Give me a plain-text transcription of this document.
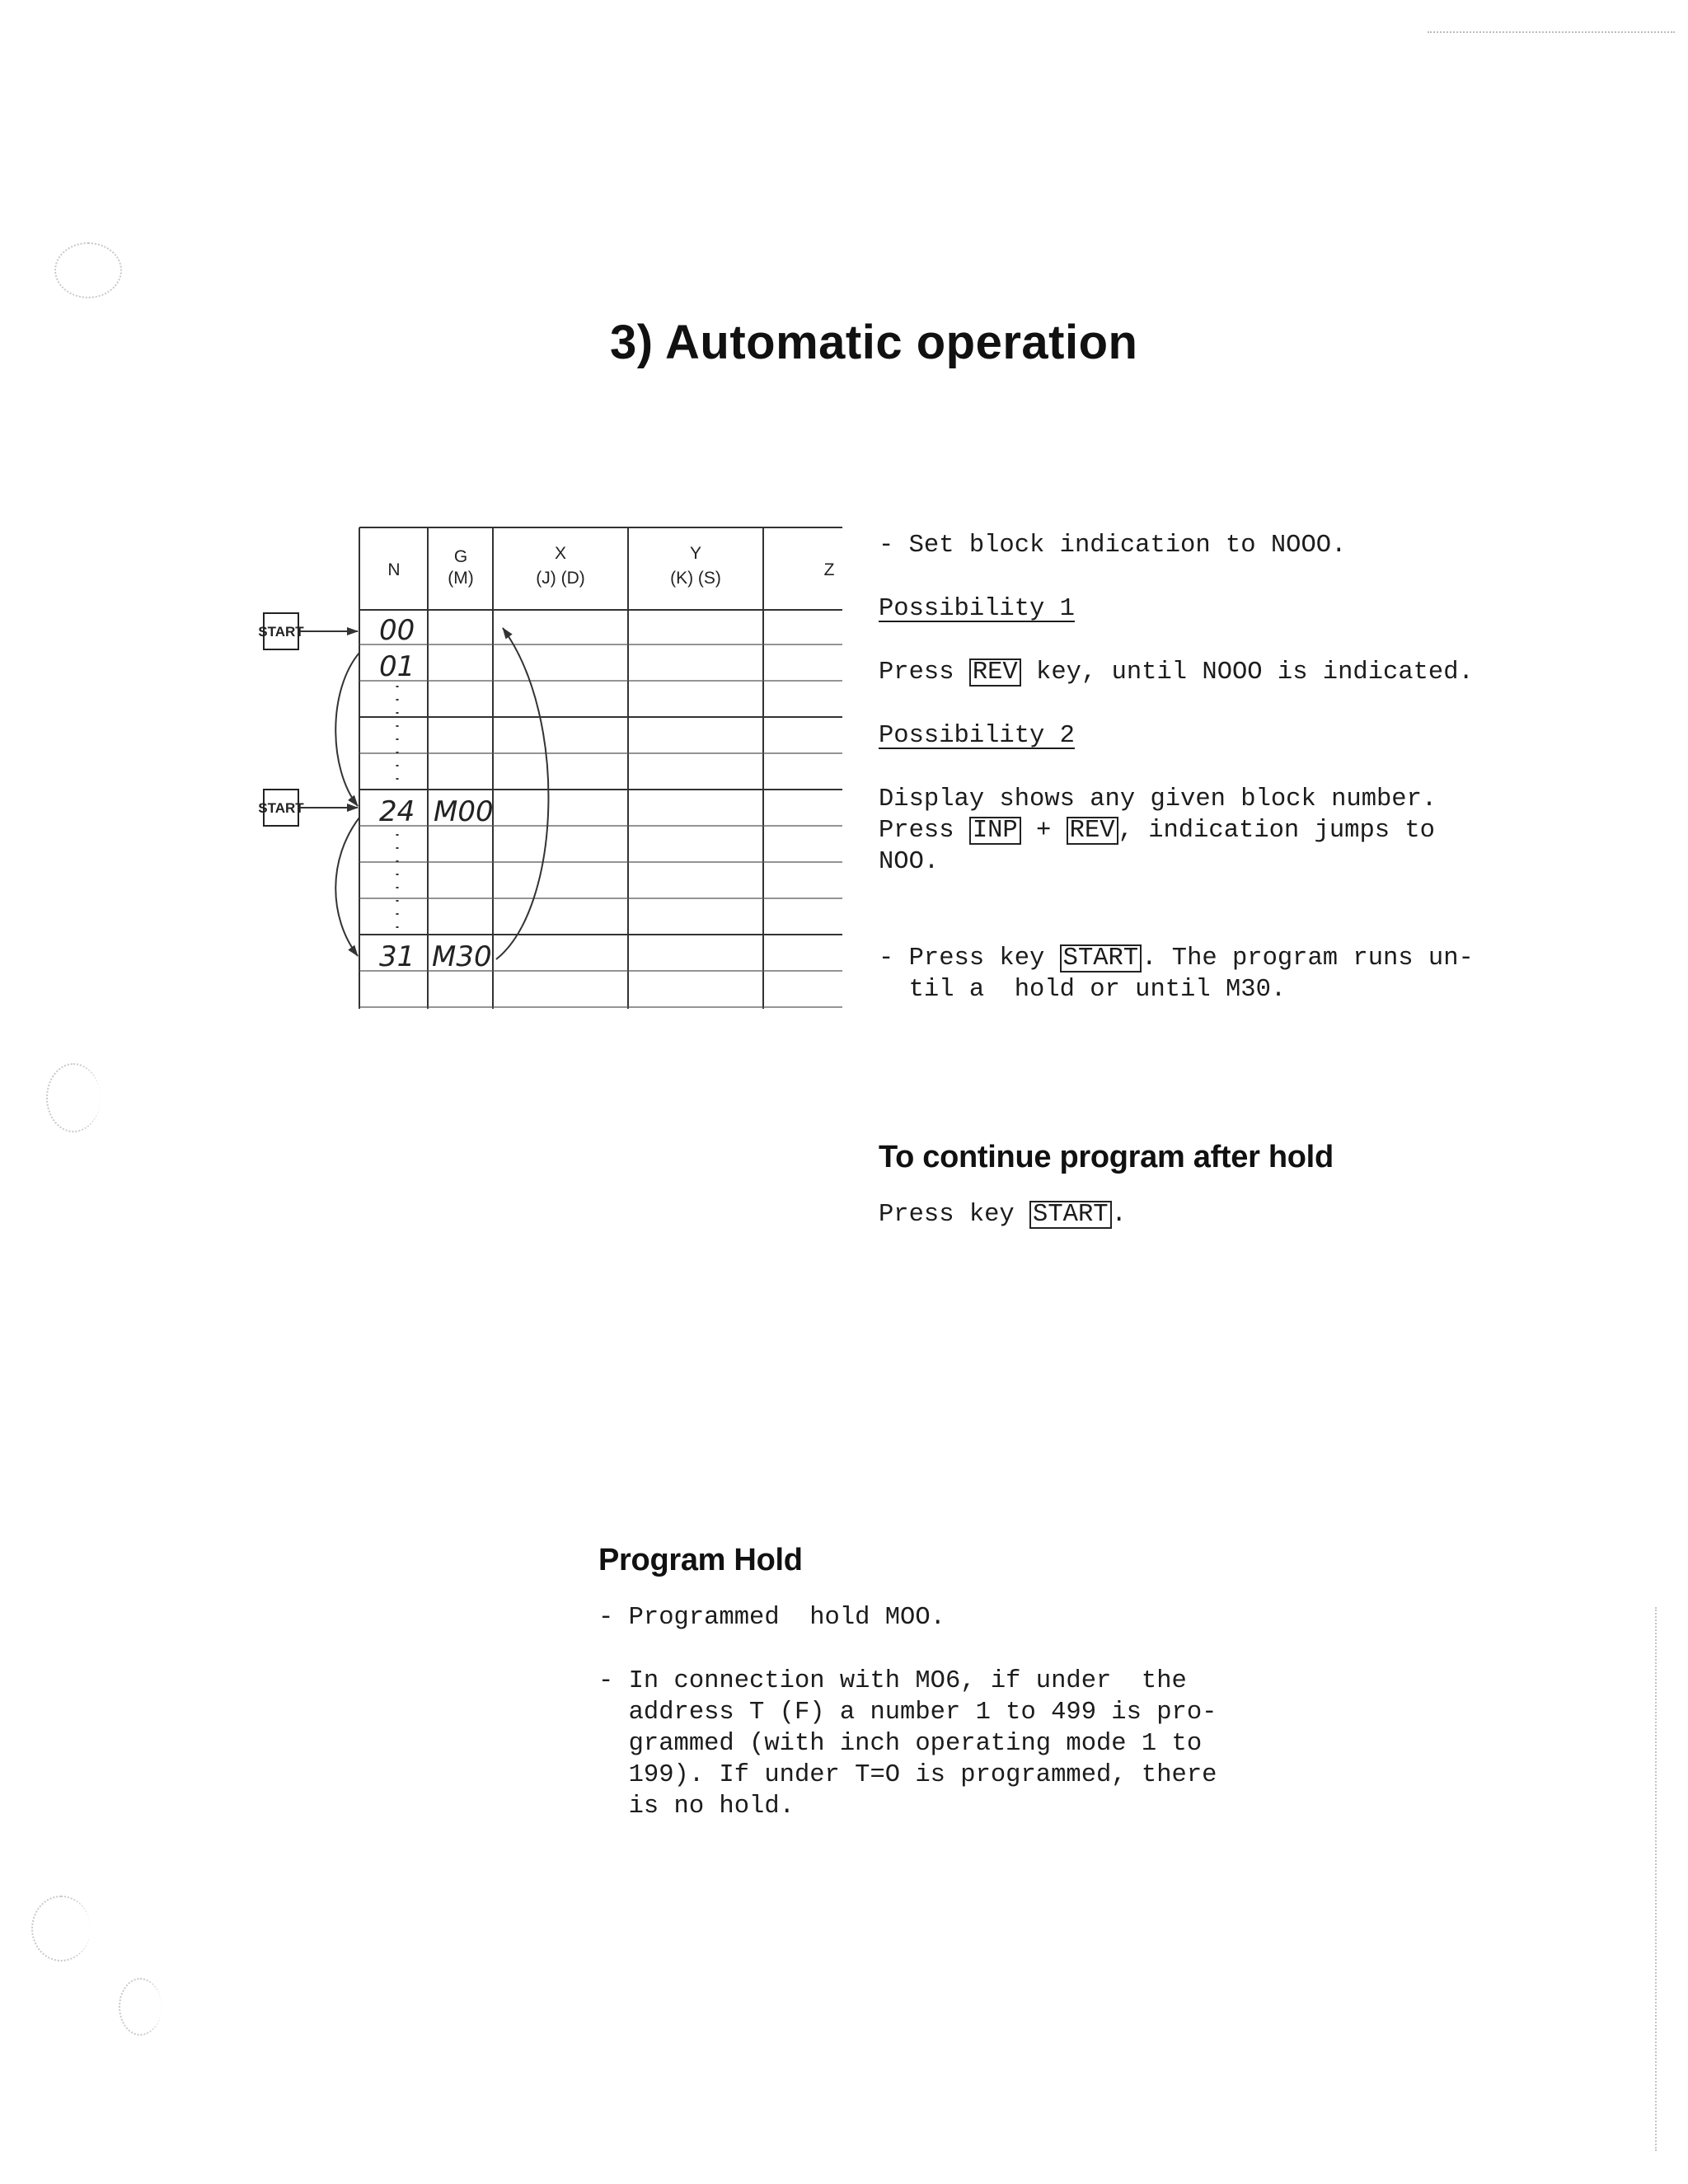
3) Automatic operation
N
G
(M)
X
(J) (D)
Y
(K) (S)	Z
00
01
24 M00
31 M30
START
START
- Set block indication to NOOO.
Possibility 1
Press REV key, until NOOO is indicated.
Possibility 2
Display shows any given block number.
Press INP + REV , indication jumps to
NOO.
- Press key START . The program runs un-
til a  hold or until M30.
To continue program after hold
Press key START .
Program Hold
- Programmed  hold MOO.
- In connection with MO6, if under  the
address T (F) a number 1 to 499 is pro-
grammed (with inch operating mode 1 to
199). If under T=O is programmed, there
is no hold.
